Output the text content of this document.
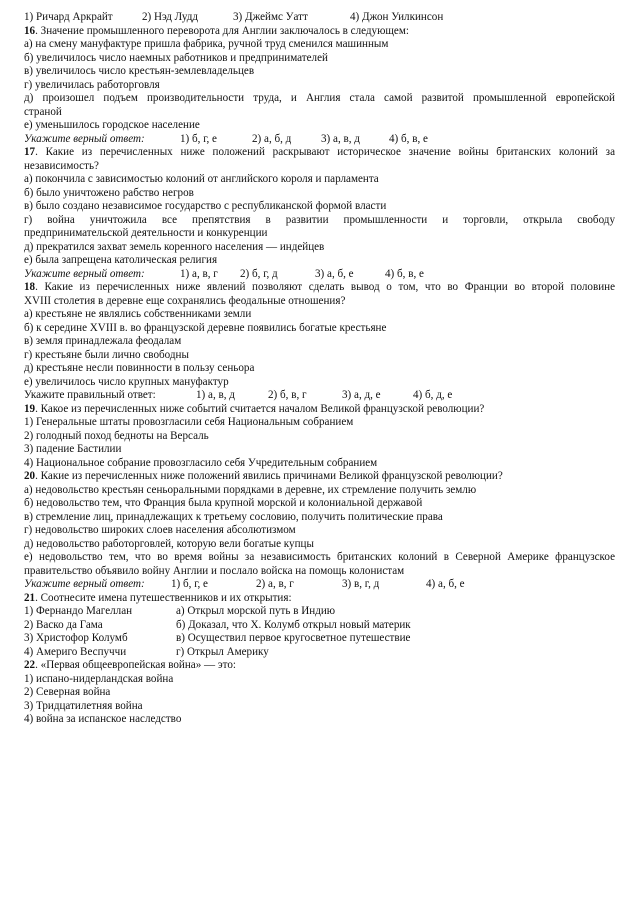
1) Ричард Аркрайт	2) Нэд Лудд	3) Джеймс Уатт	4) Джон Уилкинсон
16. Значение промышленного переворота для Англии заключалось в следующем:
а) на смену мануфактуре пришла фабрика, ручной труд сменился машинным
б) увеличилось число наемных работников и предпринимателей
в) увеличилось число крестьян-землевладельцев
г) увеличилась работорговля
д) произошел подъем производительности труда, и Англия стала самой развитой промышленной европейской
страной
е) уменьшилось городское население
Укажите верный ответ:	1) б, г, е	2) а, б, д	3) а, в, д	4) б, в, е
17. Какие из перечисленных ниже положений раскрывают историческое значение войны британских колоний за
независимость?
а) покончила с зависимостью колоний от английского короля и парламента
б) было уничтожено рабство негров
в) было создано независимое государство с республиканской формой власти
г) война уничтожила все препятствия в развитии промышленности и торговли, открыла свободу
предпринимательской деятельности и конкуренции
д) прекратился захват земель коренного населения — индейцев
е) была запрещена католическая религия
Укажите верный ответ:	1) а, в, г 2) б, г, д	3) а, б, е	4) б, в, е
18. Какие из перечисленных ниже явлений позволяют сделать вывод о том, что во Франции во второй половине
XVIII столетия в деревне еще сохранялись феодальные отношения?
а) крестьяне не являлись собственниками земли
б) к середине XVIII в. во французской деревне появились богатые крестьяне
в) земля принадлежала феодалам
г) крестьяне были лично свободны
д) крестьяне несли повинности в пользу сеньора
е) увеличилось число крупных мануфактур
Укажите правильный ответ:	1) а, в, д	2) б, в, г	3) а, д, е	4) б, д, е
19. Какое из перечисленных ниже событий считается началом Великой французской революции?
1) Генеральные штаты провозгласили себя Национальным собранием
2) голодный поход бедноты на Версаль
3) падение Бастилии
4) Национальное собрание провозгласило себя Учредительным собранием
20. Какие из перечисленных ниже положений явились причинами Великой французской революции?
а) недовольство крестьян сеньоральными порядками в деревне, их стремление получить землю
б) недовольство тем, что Франция была крупной морской и колониальной державой
в) стремление лиц, принадлежащих к третьему сословию, получить политические права
г) недовольство широких слоев населения абсолютизмом
д) недовольство работорговлей, которую вели богатые купцы
е) недовольство тем, что во время войны за независимость британских колоний в Северной Америке французское
правительство объявило войну Англии и послало войска на помощь колонистам
Укажите верный ответ: 1) б, г, е	2) а, в, г	3) в, г, д	4) а, б, е
21. Соотнесите имена путешественников и их открытия:
1) Фернандо Магеллан	а) Открыл морской путь в Индию
2) Васко да Гама	б) Доказал, что Х. Колумб открыл новый материк
3) Христофор Колумб	в) Осуществил первое кругосветное путешествие
4) Америго Веспуччи	г) Открыл Америку
22. «Первая общеевропейская война» — это:
1) испано-нидерландская война
2) Северная война
3) Тридцатилетняя война
4) война за испанское наследство
